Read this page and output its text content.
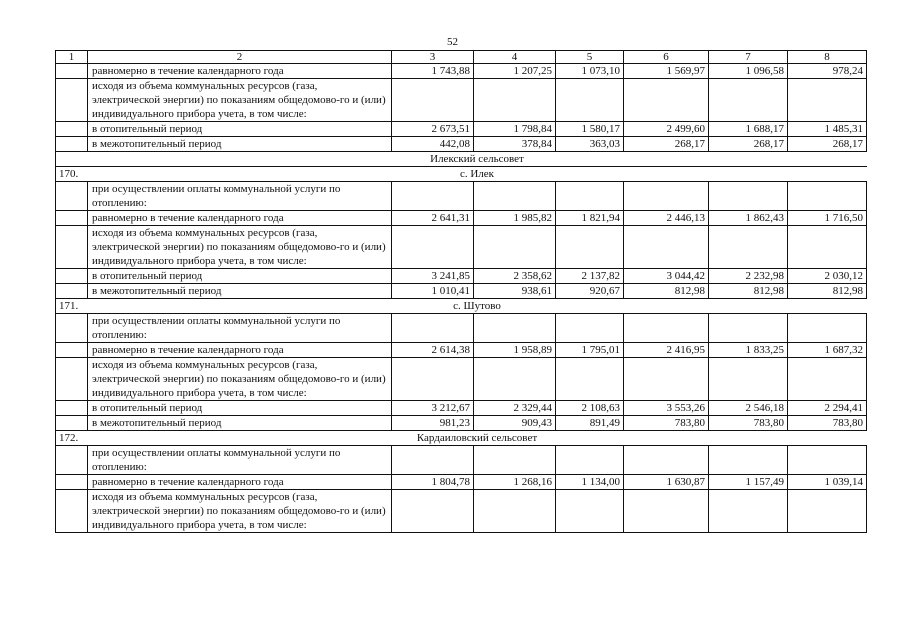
52
1	2	3	4	5	6	7	8
	равномерно в течение календарного года	1 743,88	1 207,25	1 073,10	1 569,97	1 096,58	978,24
	исходя из объема коммунальных ресурсов (газа, электрической энергии) по показаниям общедомово-го и (или) индивидуального прибора учета, в том числе:						
	в отопительный период	2 673,51	1 798,84	1 580,17	2 499,60	1 688,17	1 485,31
	в межотопительный период	442,08	378,84	363,03	268,17	268,17	268,17
	Илекский сельсовет						
170.	с. Илек						
	при осуществлении оплаты коммунальной услуги по отоплению:						
	равномерно в течение календарного года	2 641,31	1 985,82	1 821,94	2 446,13	1 862,43	1 716,50
	исходя из объема коммунальных ресурсов (газа, электрической энергии) по показаниям общедомово-го и (или) индивидуального прибора учета, в том числе:						
	в отопительный период	3 241,85	2 358,62	2 137,82	3 044,42	2 232,98	2 030,12
	в межотопительный период	1 010,41	938,61	920,67	812,98	812,98	812,98
171.	с. Шутово						
	при осуществлении оплаты коммунальной услуги по отоплению:						
	равномерно в течение календарного года	2 614,38	1 958,89	1 795,01	2 416,95	1 833,25	1 687,32
	исходя из объема коммунальных ресурсов (газа, электрической энергии) по показаниям общедомово-го и (или) индивидуального прибора учета, в том числе:						
	в отопительный период	3 212,67	2 329,44	2 108,63	3 553,26	2 546,18	2 294,41
	в межотопительный период	981,23	909,43	891,49	783,80	783,80	783,80
172.	Кардаиловский сельсовет						
	при осуществлении оплаты коммунальной услуги по отоплению:						
	равномерно в течение календарного года	1 804,78	1 268,16	1 134,00	1 630,87	1 157,49	1 039,14
	исходя из объема коммунальных ресурсов (газа, электрической энергии) по показаниям общедомово-го и (или) индивидуального прибора учета, в том числе:						
